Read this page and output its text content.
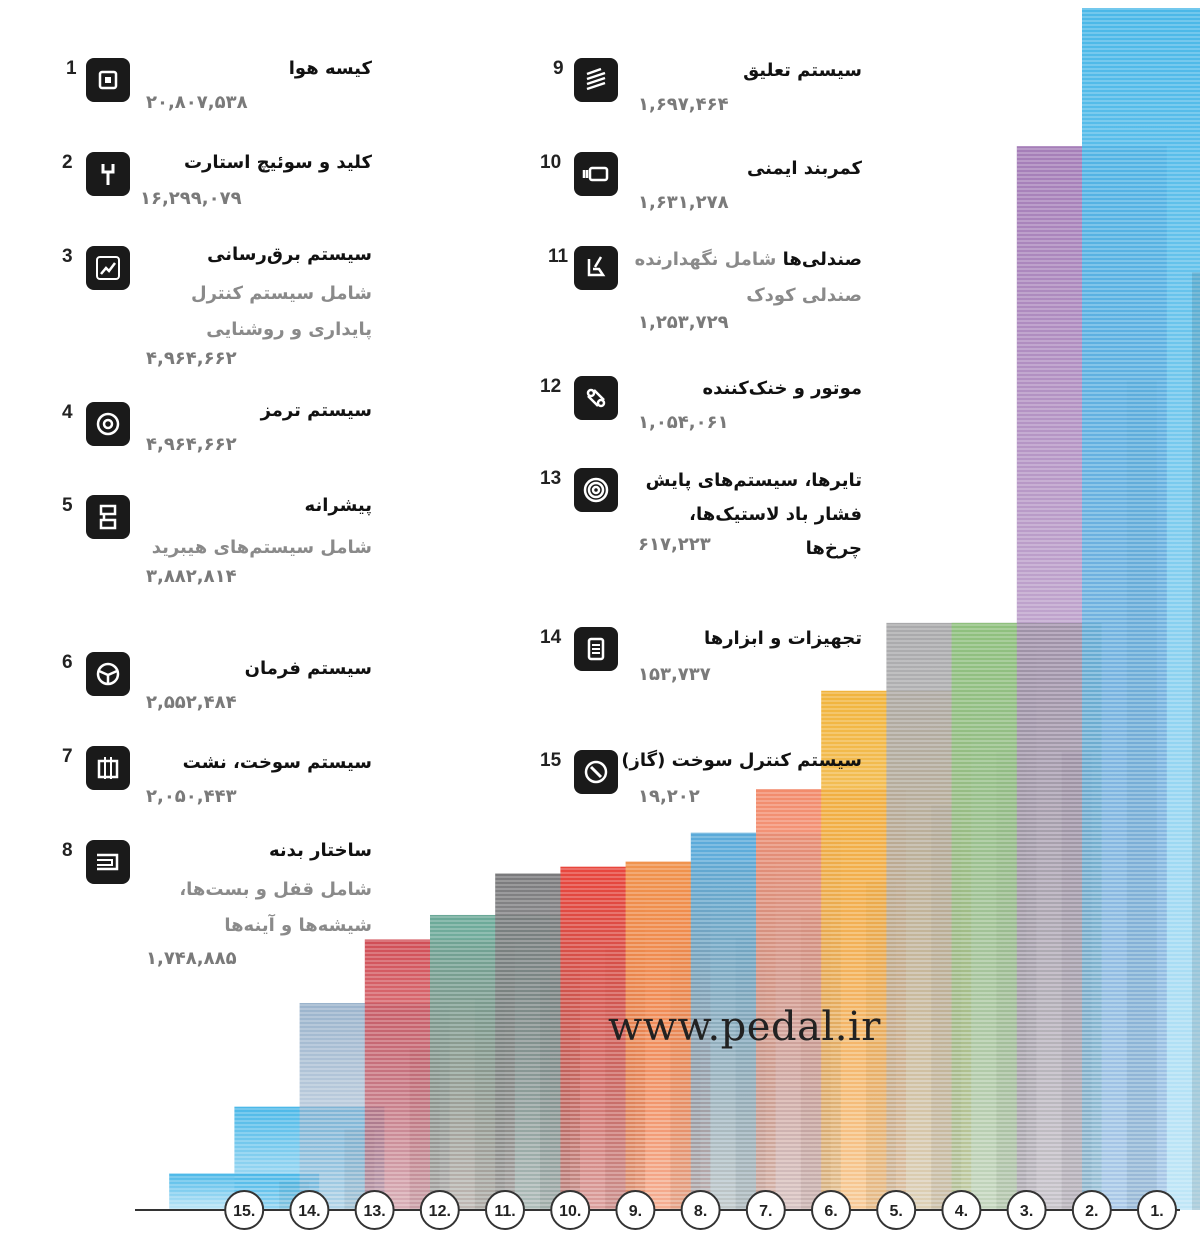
1.
2.
3.
4.
5.
6.
7.
8.
9.
10.
11.
12.
13.
14.
15.
www.pedal.ir
1	کیسه هوا
۲۰,۸۰۷,۵۳۸
2	کلید و سوئیچ استارت
۱۶,۲۹۹,۰۷۹
3	سیستم برق‌رسانی
شامل سیستم کنترل پایداری و روشنایی
۴,۹۶۴,۶۶۲
4	سیستم ترمز
۴,۹۶۴,۶۶۲
5	پیشرانه
شامل سیستم‌های هیبرید
۳,۸۸۲,۸۱۴
6	سیستم فرمان
۲,۵۵۲,۴۸۴
7	سیستم سوخت، نشت
۲,۰۵۰,۴۴۳
8	ساختار بدنه
شامل قفل و بست‌ها، شیشه‌ها و آینه‌ها
۱,۷۴۸,۸۸۵
9	سیستم تعلیق
۱,۶۹۷,۴۶۴
10	کمربند ایمنی
۱,۶۳۱,۲۷۸
11	صندلی‌ها شامل نگهدارنده صندلی کودک
۱,۲۵۳,۷۲۹
12	موتور و خنک‌کننده
۱,۰۵۴,۰۶۱
13	تایرها، سیستم‌های پایش فشار باد لاستیک‌ها، چرخ‌ها
۶۱۷,۲۲۳
14	تجهیزات و ابزارها
۱۵۳,۷۳۷
15	سیستم کنترل سوخت (گاز)
۱۹,۲۰۲
